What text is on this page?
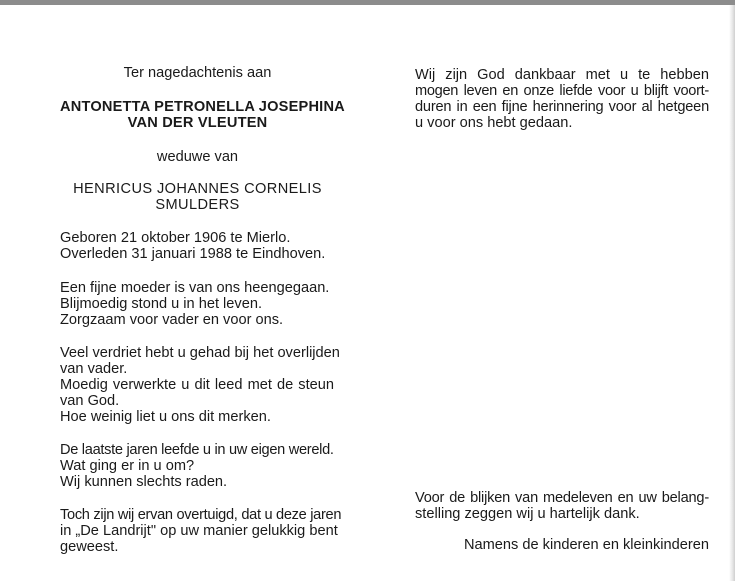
Ter nagedachtenis aan
ANTONETTA PETRONELLA JOSEPHINA
VAN DER VLEUTEN
weduwe van
HENRICUS JOHANNES CORNELIS
SMULDERS
Geboren 21 oktober 1906 te Mierlo.
Overleden 31 januari 1988 te Eindhoven.
Een fijne moeder is van ons heengegaan.
Blijmoedig stond u in het leven.
Zorgzaam voor vader en voor ons.
Veel verdriet hebt u gehad bij het overlijden
van vader.
Moedig verwerkte u dit leed met de steun
van God.
Hoe weinig liet u ons dit merken.
De laatste jaren leefde u in uw eigen wereld.
Wat ging er in u om?
Wij kunnen slechts raden.
Toch zijn wij ervan overtuigd, dat u deze jaren
in „De Landrijt" op uw manier gelukkig bent
geweest.
Wij zijn God dankbaar met u te hebben
mogen leven en onze liefde voor u blijft voort-
duren in een fijne herinnering voor al hetgeen
u voor ons hebt gedaan.
Voor de blijken van medeleven en uw belang-
stelling zeggen wij u hartelijk dank.
Namens de kinderen en kleinkinderen
